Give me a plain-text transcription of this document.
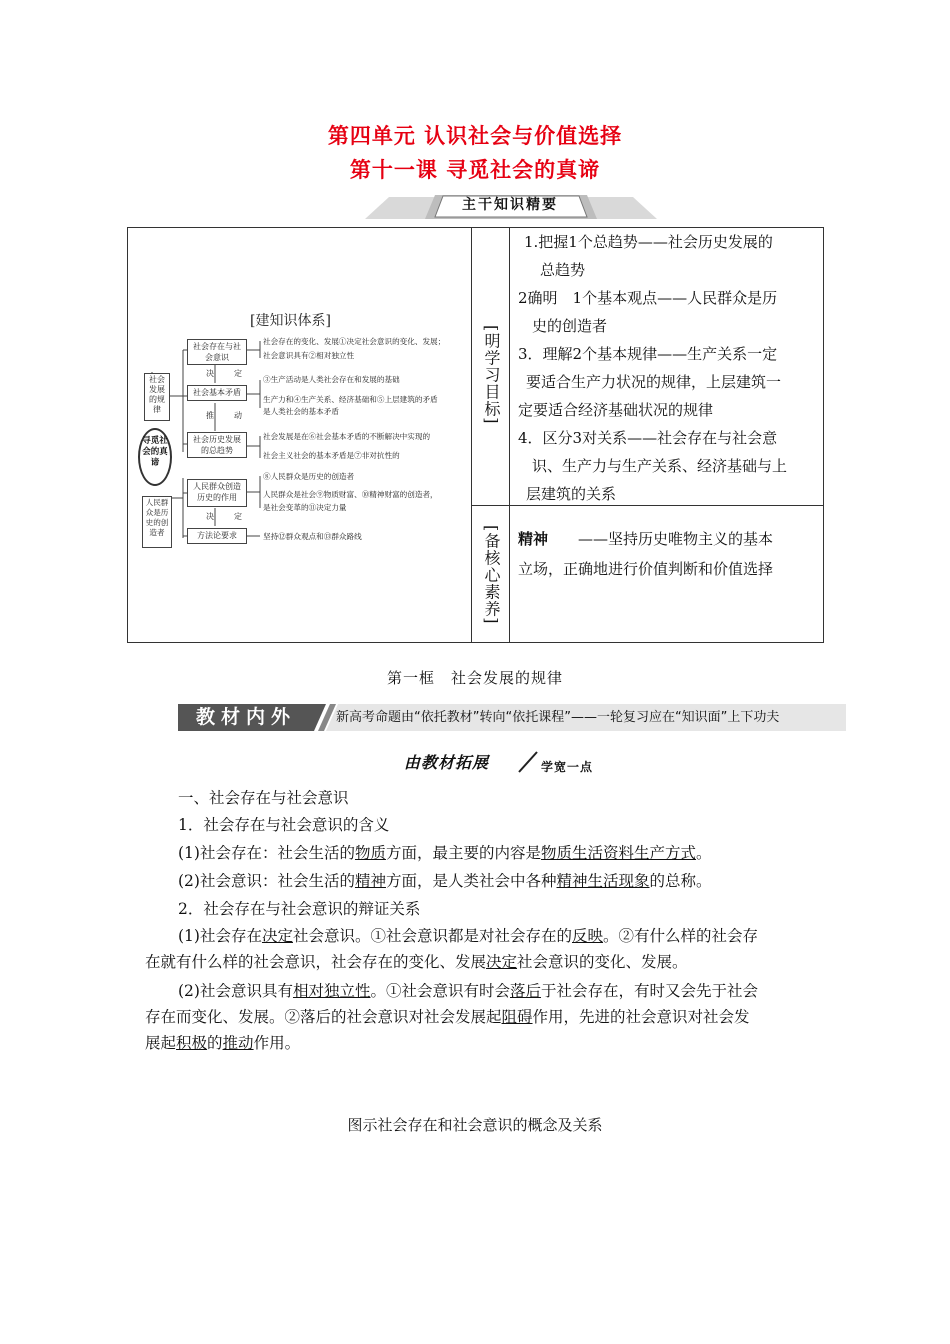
第四单元 认识社会与价值选择
第十一课 寻觅社会的真谛
主干知识精要
[建知识体系]
社会发展的规律
寻觅社会的真谛
人民群众是历史的创造者
社会存在与社会意识
决　定
社会基本矛盾
推　动
社会历史发展的总趋势
人民群众创造历史的作用
决　定
方法论要求
社会存在的变化、发展①决定社会意识的变化、发展；
社会意识具有②相对独立性
③生产活动是人类社会存在和发展的基础
生产力和④生产关系、经济基础和⑤上层建筑的矛盾
是人类社会的基本矛盾
社会发展是在⑥社会基本矛盾的不断解决中实现的
社会主义社会的基本矛盾是⑦非对抗性的
⑧人民群众是历史的创造者
人民群众是社会⑨物质财富、⑩精神财富的创造者，
是社会变革的⑪决定力量
坚持⑫群众观点和⑬群众路线
[明学习目标]
[备核心素养]
1.把握1个总趋势——社会历史发展的
总趋势
2确明　1个基本观点——人民群众是历
史的创造者
3．理解2个基本规律——生产关系一定
要适合生产力状况的规律，上层建筑一
定要适合经济基础状况的规律
4．区分3对关系——社会存在与社会意
识、生产力与生产关系、经济基础与上
层建筑的关系
精神　　——坚持历史唯物主义的基本
立场，正确地进行价值判断和价值选择
第一框　社会发展的规律
教材内外	新高考命题由“依托教材”转向“依托课程”——一轮复习应在“知识面”上下功夫
由教材拓展	学宽一点
一、社会存在与社会意识
1．社会存在与社会意识的含义
(1)社会存在：社会生活的物质方面，最主要的内容是物质生活资料生产方式。
(2)社会意识：社会生活的精神方面，是人类社会中各种精神生活现象的总称。
2．社会存在与社会意识的辩证关系
(1)社会存在决定社会意识。①社会意识都是对社会存在的反映。②有什么样的社会存
在就有什么样的社会意识，社会存在的变化、发展决定社会意识的变化、发展。
(2)社会意识具有相对独立性。①社会意识有时会落后于社会存在，有时又会先于社会
存在而变化、发展。②落后的社会意识对社会发展起阻碍作用，先进的社会意识对社会发
展起积极的推动作用。
图示社会存在和社会意识的概念及关系
